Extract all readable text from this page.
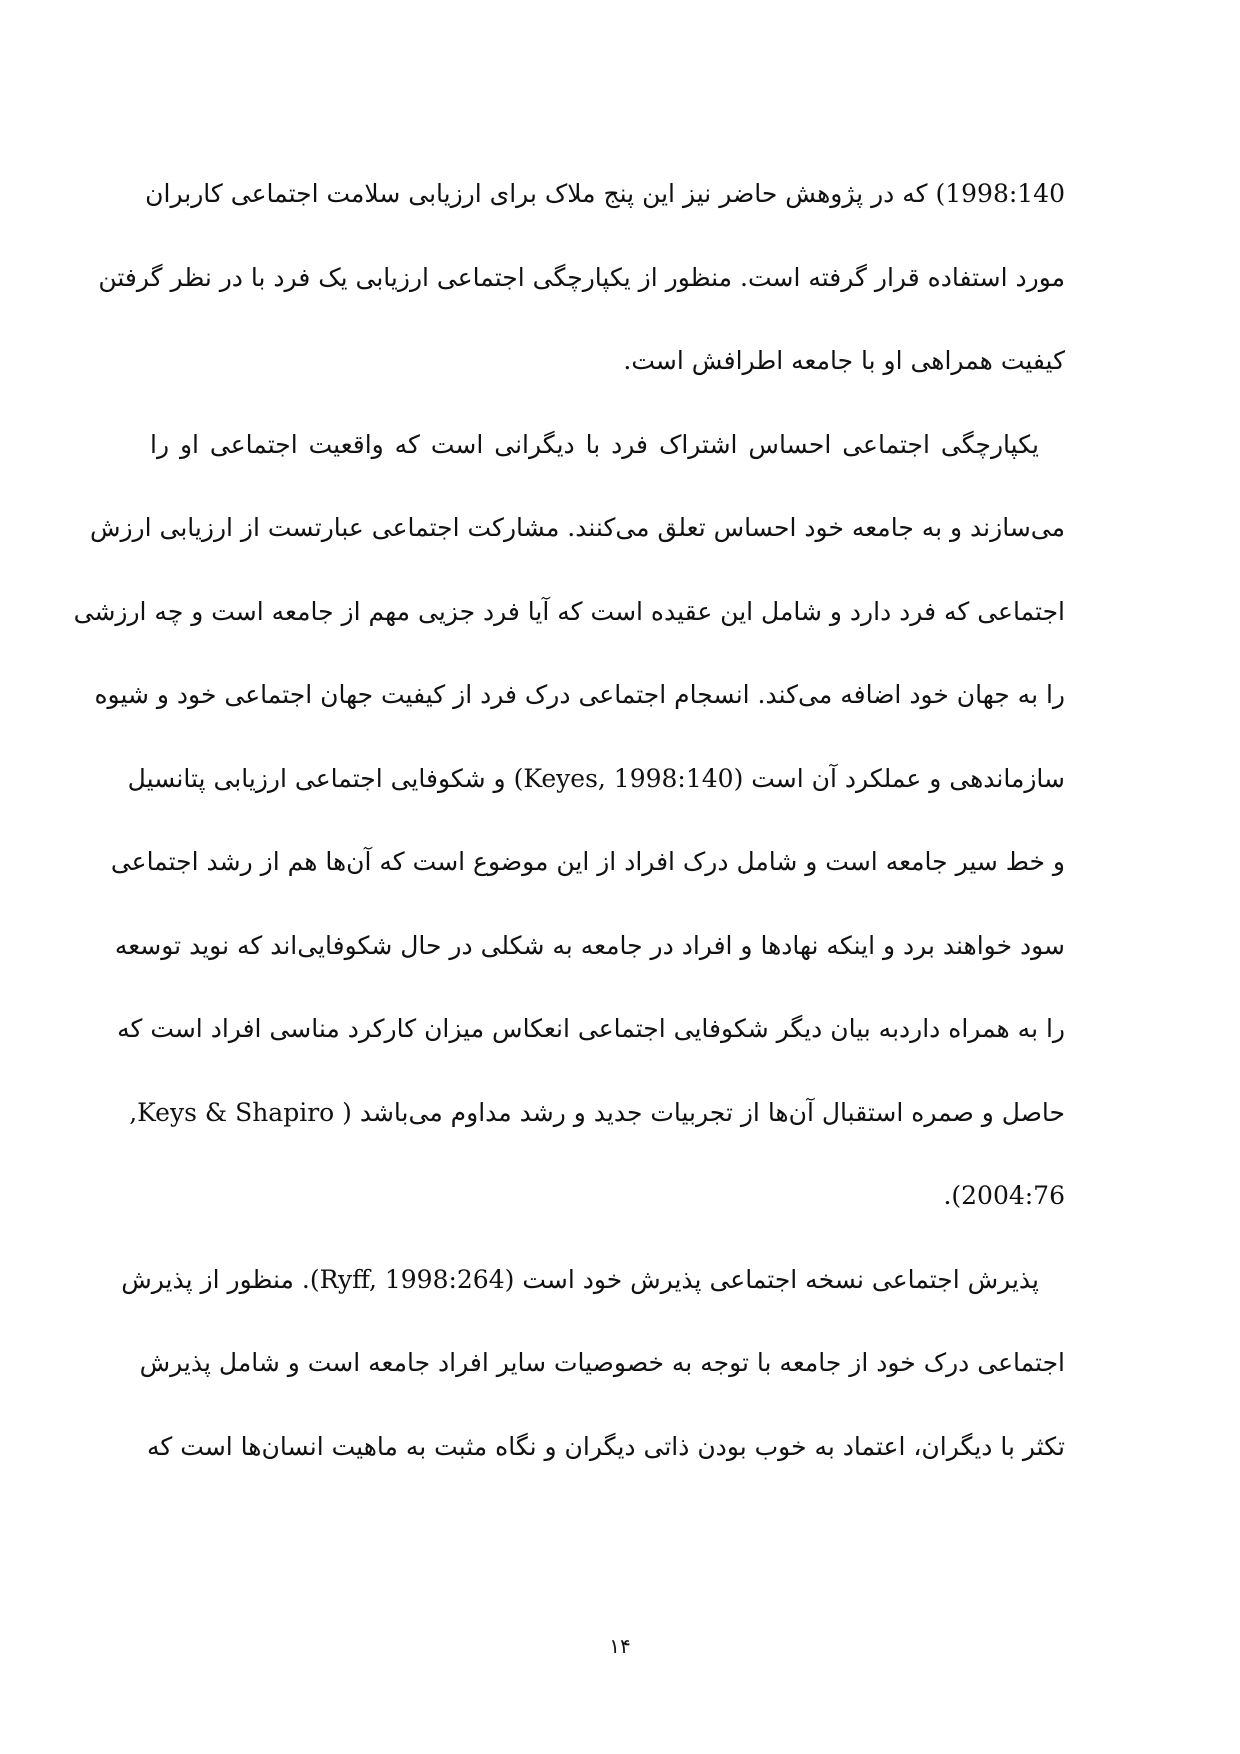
1998:140) که در پژوهش حاضر نیز این پنج ملاک برای ارزیابی سلامت اجتماعی کاربران
مورد استفاده قرار گرفته است. منظور از یکپارچگی اجتماعی ارزیابی یک فرد با در نظر گرفتن
کیفیت همراهی او با جامعه اطرافش است.
یکپارچگی اجتماعی احساس اشتراک فرد با دیگرانی است که واقعیت اجتماعی او را
می‌سازند و به جامعه خود احساس تعلق می‌کنند. مشارکت اجتماعی عبارتست از ارزیابی ارزش
اجتماعی که فرد دارد و شامل این عقیده است که آیا فرد جزیی مهم از جامعه است و چه ارزشی
را به جهان خود اضافه می‌کند. انسجام اجتماعی درک فرد از کیفیت جهان اجتماعی خود و شیوه
سازماندهی و عملکرد آن است (Keyes, 1998:140) و شکوفایی اجتماعی ارزیابی پتانسیل
و خط سیر جامعه است و شامل درک افراد از این موضوع است که آن‌ها هم از رشد اجتماعی
سود خواهند برد و اینکه نهادها و افراد در جامعه به شکلی در حال شکوفایی‌اند که نوید توسعه
را به همراه داردبه بیان دیگر شکوفایی اجتماعی انعکاس میزان کارکرد مناسی افراد است که
حاصل و صمره استقبال آن‌ها از تجربیات جدید و رشد مداوم می‌باشد ( Keys & Shapiro,
.(2004:76
پذیرش اجتماعی نسخه اجتماعی پذیرش خود است (Ryff, 1998:264). منظور از پذیرش
اجتماعی درک خود از جامعه با توجه به خصوصیات سایر افراد جامعه است و شامل پذیرش
تکثر با دیگران، اعتماد به خوب بودن ذاتی دیگران و نگاه مثبت به ماهیت انسان‌ها است که
۱۴
